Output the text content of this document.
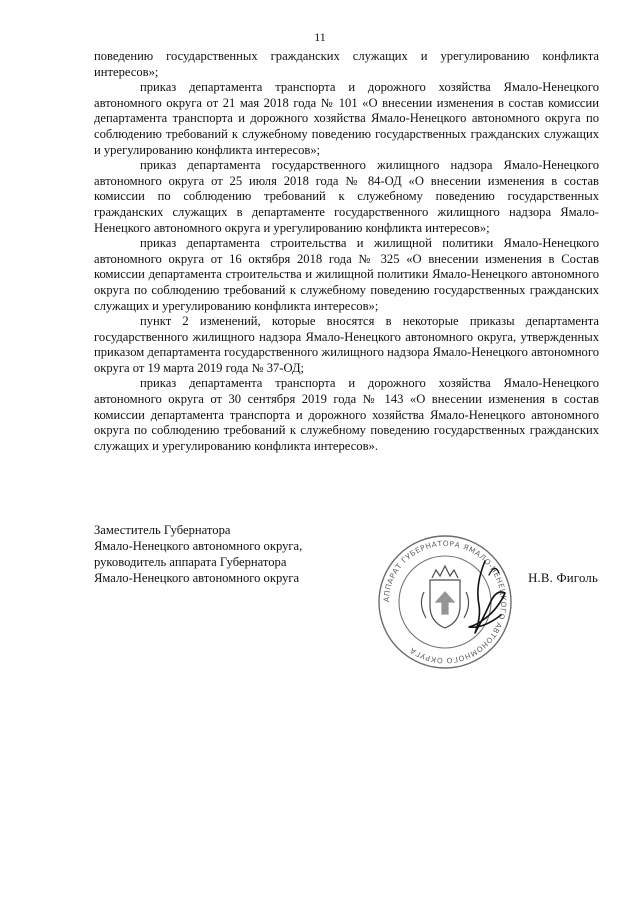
11

поведению государственных гражданских служащих и урегулированию конфликта интересов»;

приказ департамента транспорта и дорожного хозяйства Ямало-Ненецкого автономного округа от 21 мая 2018 года № 101 «О внесении изменения в состав комиссии департамента транспорта и дорожного хозяйства Ямало-Ненецкого автономного округа по соблюдению требований к служебному поведению государственных гражданских служащих и урегулированию конфликта интересов»;

приказ департамента государственного жилищного надзора Ямало-Ненецкого автономного округа от 25 июля 2018 года № 84-ОД «О внесении изменения в состав комиссии по соблюдению требований к служебному поведению государственных гражданских служащих в департаменте государственного жилищного надзора Ямало-Ненецкого автономного округа и урегулированию конфликта интересов»;

приказ департамента строительства и жилищной политики Ямало-Ненецкого автономного округа от 16 октября 2018 года № 325 «О внесении изменения в Состав комиссии департамента строительства и жилищной политики Ямало-Ненецкого автономного округа по соблюдению требований к служебному поведению государственных гражданских служащих и урегулированию конфликта интересов»;

пункт 2 изменений, которые вносятся в некоторые приказы департамента государственного жилищного надзора Ямало-Ненецкого автономного округа, утвержденных приказом департамента государственного жилищного надзора Ямало-Ненецкого автономного округа от 19 марта 2019 года № 37-ОД;

приказ департамента транспорта и дорожного хозяйства Ямало-Ненецкого автономного округа от 30 сентября 2019 года № 143 «О внесении изменения в состав комиссии департамента транспорта и дорожного хозяйства Ямало-Ненецкого автономного округа по соблюдению требований к служебному поведению государственных гражданских служащих и урегулированию конфликта интересов».

Заместитель Губернатора
Ямало-Ненецкого автономного округа,
руководитель аппарата Губернатора
Ямало-Ненецкого автономного округа	Н.В. Фиголь
АППАРАТ ГУБЕРНАТОРА ЯМАЛО-НЕНЕЦКОГО АВТОНОМНОГО ОКРУГА
